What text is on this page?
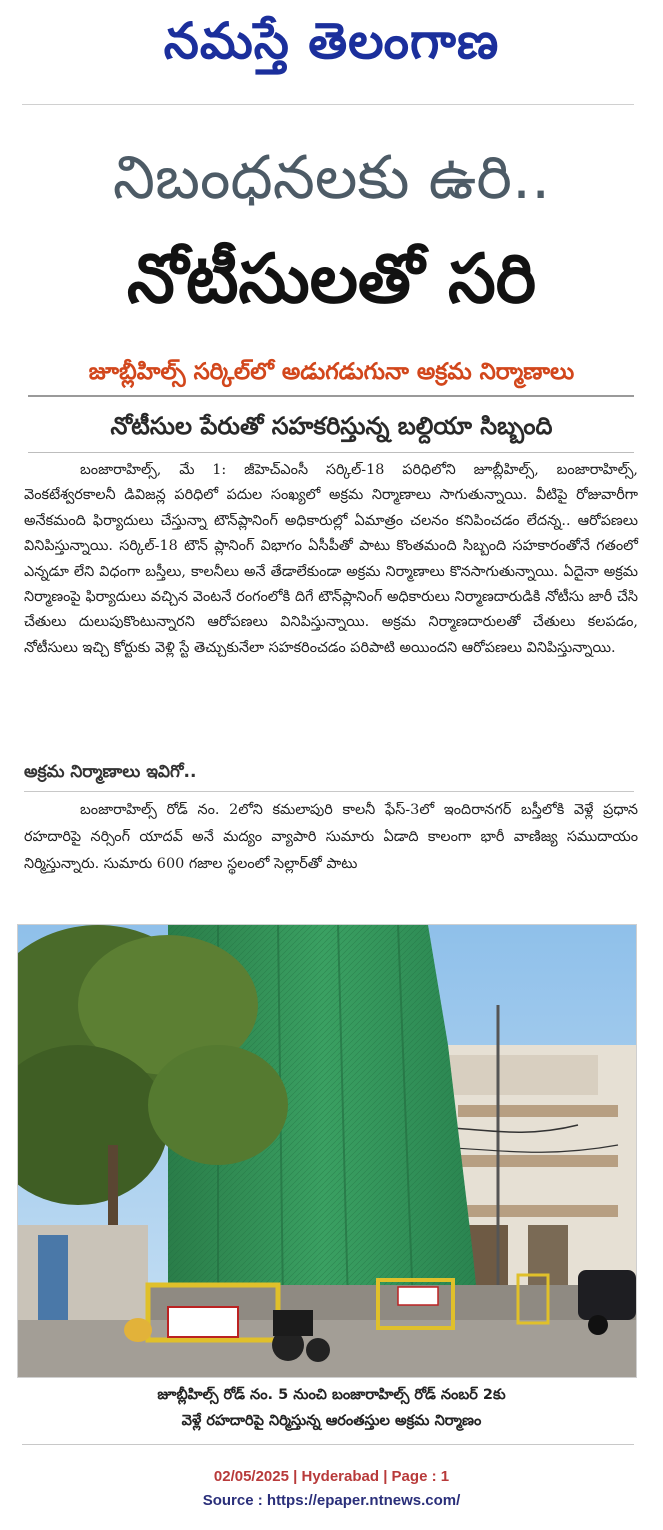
నమస్తే తెలంగాణ
నిబంధనలకు ఉరి..
నోటీసులతో సరి
జూబ్లీహిల్స్ సర్కిల్‌లో అడుగడుగునా అక్రమ నిర్మాణాలు
నోటీసుల పేరుతో సహకరిస్తున్న బల్దియా సిబ్బంది
బంజారాహిల్స్, మే 1: జీహెచ్ఎంసీ సర్కిల్-18 పరిధిలోని జూబ్లీహిల్స్, బంజారాహిల్స్, వెంకటేశ్వరకాలనీ డివిజన్ల పరిధిలో పదుల సంఖ్యలో అక్రమ నిర్మాణాలు సాగుతున్నాయి. వీటిపై రోజువారీగా అనేకమంది ఫిర్యాదులు చేస్తున్నా టౌన్‌ప్లానింగ్ అధికారుల్లో ఏమాత్రం చలనం కనిపించడం లేదన్న.. ఆరోపణలు వినిపిస్తున్నాయి. సర్కిల్-18 టౌన్ ప్లానింగ్ విభాగం ఏసీపీతో పాటు కొంతమంది సిబ్బంది సహకారంతోనే గతంలో ఎన్నడూ లేని విధంగా బస్తీలు, కాలనీలు అనే తేడాలేకుండా అక్రమ నిర్మాణాలు కొనసాగుతున్నాయి. ఏదైనా అక్రమ నిర్మాణంపై ఫిర్యాదులు వచ్చిన వెంటనే రంగంలోకి దిగే టౌన్‌ప్లానింగ్ అధికారులు నిర్మాణదారుడికి నోటీసు జారీ చేసి చేతులు దులుపుకొంటున్నారని ఆరోపణలు వినిపిస్తున్నాయి. అక్రమ నిర్మాణదారులతో చేతులు కలపడం, నోటీసులు ఇచ్చి కోర్టుకు వెళ్లి స్టే తెచ్చుకునేలా సహకరించడం పరిపాటి అయిందని ఆరోపణలు వినిపిస్తున్నాయి.
అక్రమ నిర్మాణాలు ఇవిగో..
బంజారాహిల్స్ రోడ్ నం. 2లోని కమలాపురి కాలనీ ఫేస్-3లో ఇందిరానగర్ బస్తీలోకి వెళ్లే ప్రధాన రహదారిపై నర్సింగ్ యాదవ్ అనే మద్యం వ్యాపారి సుమారు ఏడాది కాలంగా భారీ వాణిజ్య సముదాయం నిర్మిస్తున్నారు. సుమారు 600 గజాల స్థలంలో సెల్లార్‌తో పాటు
జూబ్లీహిల్స్ రోడ్ నం. 5 నుంచి బంజారాహిల్స్ రోడ్ నంబర్ 2కు
వెళ్లే రహదారిపై నిర్మిస్తున్న ఆరంతస్తుల అక్రమ నిర్మాణం
02/05/2025 | Hyderabad | Page : 1
Source : https://epaper.ntnews.com/
